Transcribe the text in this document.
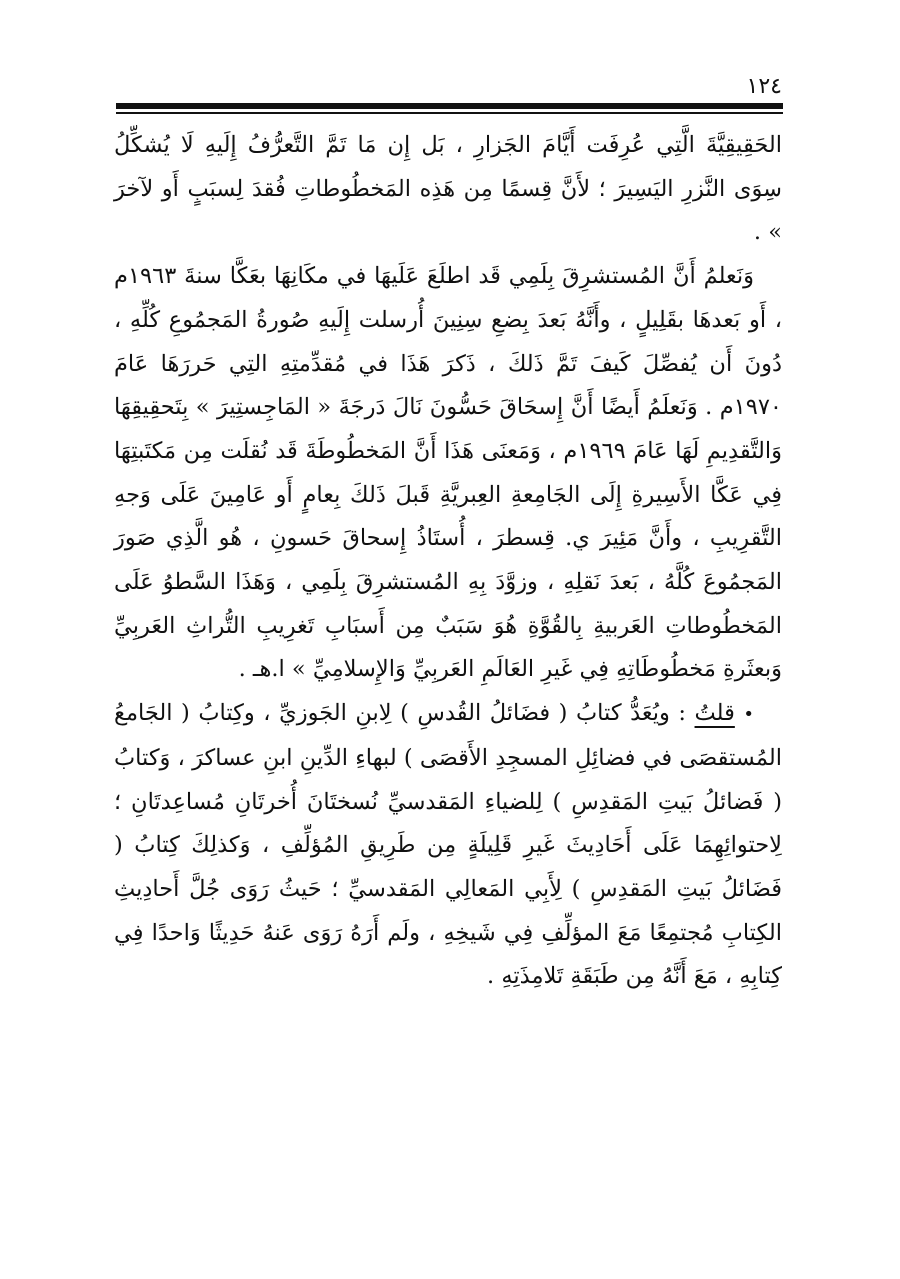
١٢٤

الحَقِيقِيَّةَ الَّتِي عُرِفَت أَيَّامَ الجَزارِ ، بَل إِن مَا تَمَّ التَّعرُّفُ إِلَيهِ لَا يُشكِّلُ سِوَى النَّزرِ اليَسِيرَ ؛ لأَنَّ قِسمًا مِن هَذِه المَخطُوطاتِ فُقدَ لِسبَبٍ أَو لآخرَ » .

وَنَعلمُ أَنَّ المُستشرِقَ بِلَمِي قَد اطلَعَ عَلَيهَا في مكَانِهَا بعَكَّا سنةَ ١٩٦٣م ، أَو بَعدهَا بقَلِيلٍ ، وأَنَّهُ بَعدَ بِضعِ سِنِينَ أُرسلت إِلَيهِ صُورةُ المَجمُوعِ كُلِّهِ ، دُونَ أَن يُفصِّلَ كَيفَ تَمَّ ذَلكَ ، ذَكرَ هَذَا في مُقدِّمتِهِ التِي حَررَهَا عَامَ ١٩٧٠م . وَنَعلَمُ أَيضًا أَنَّ إِسحَاقَ حَسُّونَ نَالَ دَرجَةَ « المَاجِستِيرَ » بِتَحقِيقِهَا وَالتَّقدِيمِ لَهَا عَامَ ١٩٦٩م ، وَمَعنَى هَذَا أَنَّ المَخطُوطَةَ قَد نُقلَت مِن مَكتَبتِهَا فِي عَكَّا الأَسِيرةِ إِلَى الجَامِعةِ العِبريَّةِ قَبلَ ذَلكَ بِعامٍ أَو عَامِينَ عَلَى وَجهِ التَّقرِيبِ ، وأَنَّ مَئِيرَ ي. قِسطرَ ، أُستَاذُ إِسحاقَ حَسونِ ، هُو الَّذِي صَورَ المَجمُوعَ كُلَّهُ ، بَعدَ نَقلِهِ ، وزوَّدَ بِهِ المُستشرِقَ بِلَمِي ، وَهَذَا السَّطوُ عَلَى المَخطُوطاتِ العَربيةِ بِالقُوَّةِ هُوَ سَبَبٌ مِن أَسبَابِ تَغرِيبِ التُّراثِ العَربِيِّ وَبعثَرةِ مَخطُوطَاتِهِ فِي غَيرِ العَالَمِ العَربِيِّ وَالإِسلامِيِّ » ا.هـ .

• قلتُ : ويُعَدُّ كتابُ ( فضَائلُ القُدسِ ) لِابنِ الجَوزيِّ ، وكِتابُ ( الجَامعُ المُستقصَى في فضائِلِ المسجِدِ الأَقصَى ) لبهاءِ الدِّينِ ابنِ عساكرَ ، وَكتابُ ( فَضائلُ بَيتِ المَقدِسِ ) لِلضياءِ المَقدسيِّ نُسختَانَ أُخرتَانِ مُساعِدتَانِ ؛ لِاحتوائِهِمَا عَلَى أَحَادِيثَ غَيرِ قَلِيلَةٍ مِن طَرِيقِ المُؤلِّفِ ، وَكذلِكَ كِتابُ ( فَضَائلُ بَيتِ المَقدِسِ ) لِأَبِي المَعالِي المَقدسيِّ ؛ حَيثُ رَوَى جُلَّ أَحادِيثِ الكِتابِ مُجتمِعًا مَعَ المؤلِّفِ فِي شَيخِهِ ، ولَم أَرَهُ رَوَى عَنهُ حَدِيثًا وَاحدًا فِي كِتابِهِ ، مَعَ أَنَّهُ مِن طَبَقَةِ تَلامِذَتِهِ .
